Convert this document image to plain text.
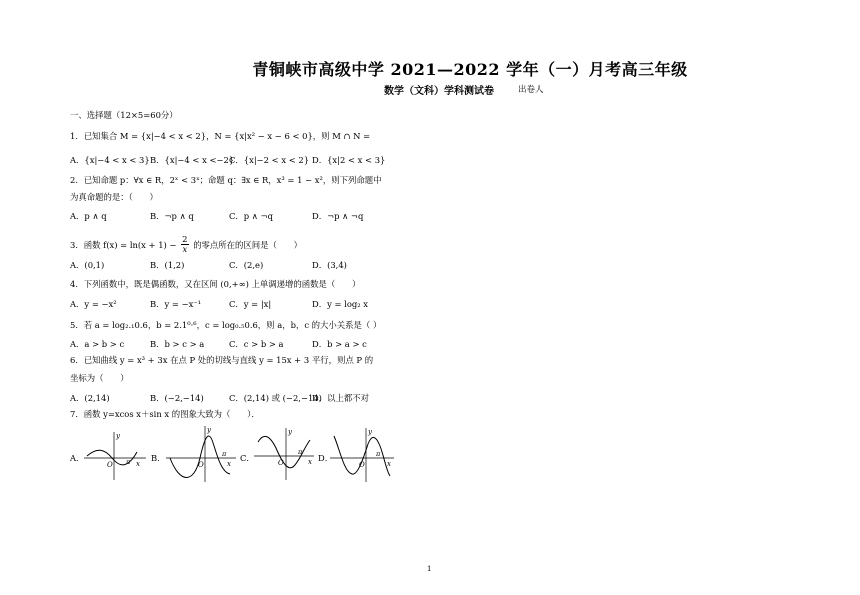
青铜峡市高级中学 2021—2022 学年（一）月考高三年级
数学（文科）学科测试卷	出卷人
一、选择题（12×5=60分）
1．已知集合 M = {x|−4 < x < 2}，N = {x|x² − x − 6 < 0}，则 M ∩ N =
A．{x|−4 < x < 3} B．{x|−4 < x <−2}
C．{x|−2 < x < 2} D．{x|2 < x < 3}
2．已知命题 p：∀x ∈ R，2ˣ < 3ˣ；命题 q：∃x ∈ R，x³ = 1 − x²，则下列命题中
为真命题的是：（　　）
A．p ∧ q	B．¬p ∧ q	C．p ∧ ¬q	D．¬p ∧ ¬q
3．函数 $f(x) = \ln(x + 1) - \frac{2}{x}$ 的零点所在的区间是（　　）
A．(0,1)	B．(1,2)	C．(2,e)	D．(3,4)
4．下列函数中，既是偶函数，又在区间 (0,+∞) 上单调递增的函数是（　　）
A．y = −x²	B．y = −x⁻¹	C．y = |x|	D．y = log₂ x
5．若 a = log₂.₁0.6，b = 2.1⁰·⁶，c = log₀.₅0.6，则 a，b，c 的大小关系是（ ）
A．a > b > c	B．b > c > a	C．c > b > a	D．b > a > c
6．已知曲线 y = x³ + 3x 在点 P 处的切线与直线 y = 15x + 3 平行，则点 P 的
坐标为（　　）
A．(2,14)	B．(−2,−14)	C．(2,14) 或 (−2,−14)
D．以上都不对
7．函数 y=xcos x＋sin x 的图象大致为（　　）．
A．	B．	C．	D．
y
O π x
y
O
π
x
y
O
π
x
y
O
π
x
1
